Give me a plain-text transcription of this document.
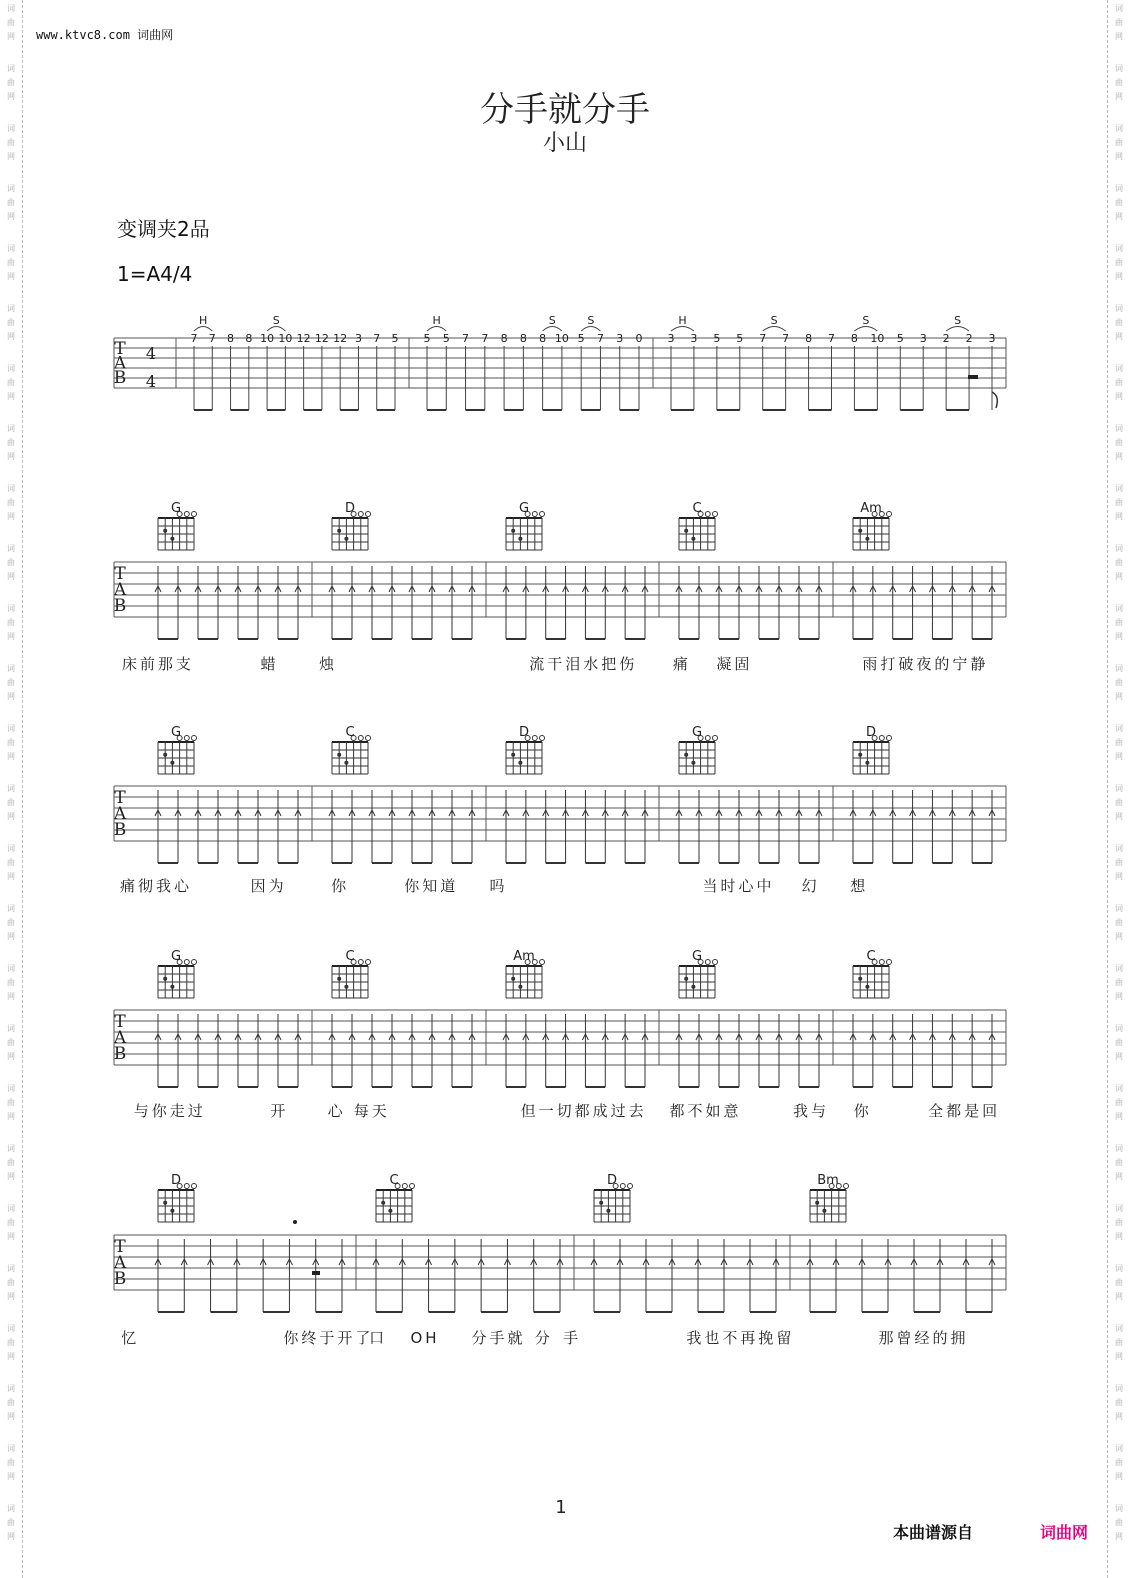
词
曲
网
词
曲
网
词
曲
网
词
曲
网
词
曲
网
词
曲
网
词
曲
网
词
曲
网
词
曲
网
词
曲
网
词
曲
网
词
曲
网
词
曲
网
词
曲
网
词
曲
网
词
曲
网
词
曲
网
词
曲
网
词
曲
网
词
曲
网
词
曲
网
词
曲
网
词
曲
网
词
曲
网
词
曲
网
词
曲
网
词
曲
网
词
曲
网
词
曲
网
词
曲
网
词
曲
网
词
曲
网
词
曲
网
词
曲
网
词
曲
网
词
曲
网
词
曲
网
词
曲
网
词
曲
网
词
曲
网
词
曲
网
词
曲
网
词
曲
网
词
曲
网
词
曲
网
词
曲
网
词
曲
网
词
曲
网
词
曲
网
词
曲
网
词
曲
网
词
曲
网
www.ktvc8.com 词曲网
分手就分手
小山
变调夹2品
1=A4/4
T
A
B
4
4
7 7 8 8 10 10 12 12 12 3 7 5
H	S
5 5 7 7 8 8 8 10 5 7 3 0
H	S	S
3 3 5 5 7 7 8 7 8 10 5 3 2 2 3
H	S	S	S
T
A
B
G	D	G	C	Am
床前那支	蜡	烛	流干泪水把伤 痛 凝固	雨打破夜的宁静
T
A
B
G	C	D	G	D
痛彻我心	因为	你	你知道 吗	当时心中 幻 想
T
A
B
G	C	Am	G	C
与你走过	开	心 每天	但一切都成过去 都不如意	我与 你	全都是回
T
A
B
D	C	D	Bm
忆	你终于开了
口 OH 分手就 分 手	我也不再挽留	那曾经的拥
1
本曲谱源自	词曲网
